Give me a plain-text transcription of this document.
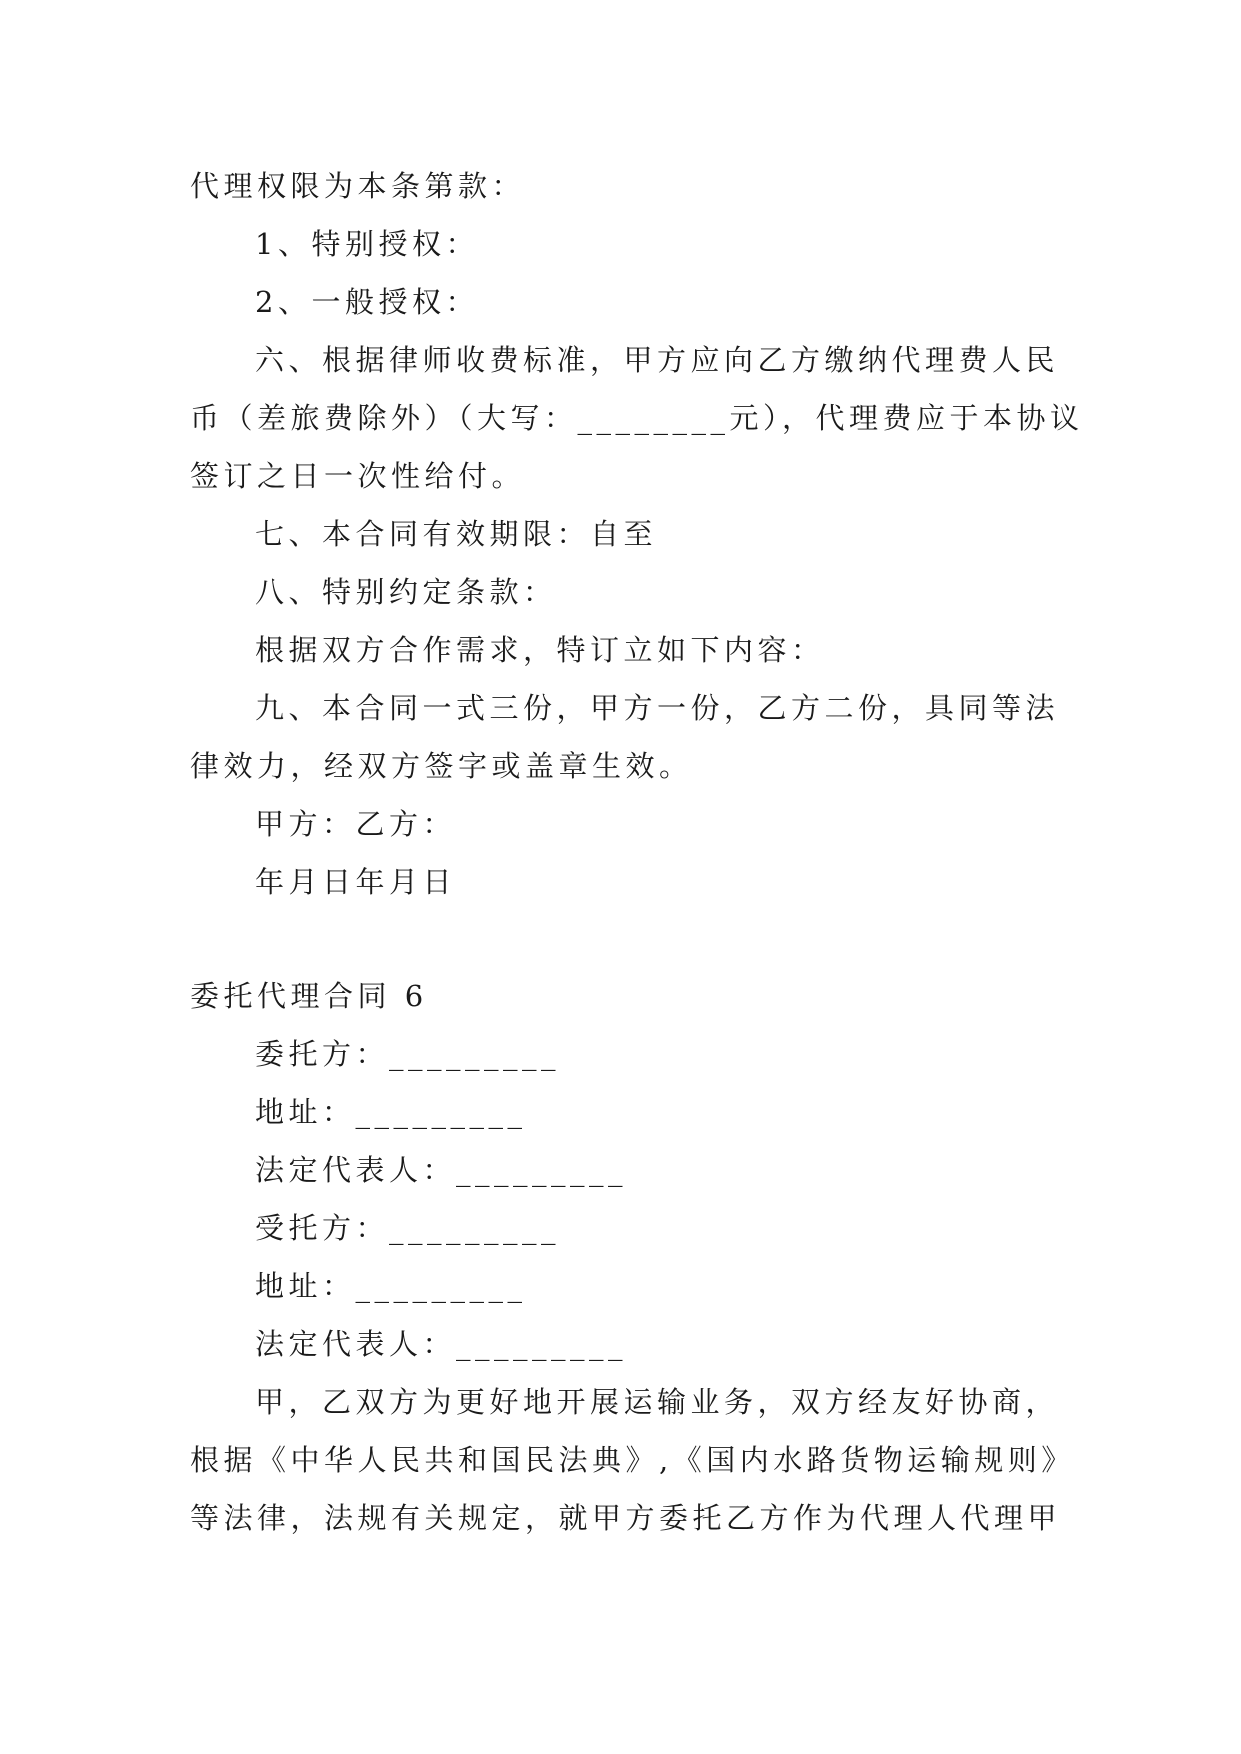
代理权限为本条第款：
1、特别授权：
2、一般授权：
六、根据律师收费标准，甲方应向乙方缴纳代理费人民
币（差旅费除外）（大写：________元），代理费应于本协议
签订之日一次性给付。
七、本合同有效期限：自至
八、特别约定条款：
根据双方合作需求，特订立如下内容：
九、本合同一式三份，甲方一份，乙方二份，具同等法
律效力，经双方签字或盖章生效。
甲方：乙方：
年月日年月日
委托代理合同 6
委托方：_________
地址：_________
法定代表人：_________
受托方：_________
地址：_________
法定代表人：_________
甲，乙双方为更好地开展运输业务，双方经友好协商，
根据《中华人民共和国民法典》,《国内水路货物运输规则》
等法律，法规有关规定，就甲方委托乙方作为代理人代理甲
